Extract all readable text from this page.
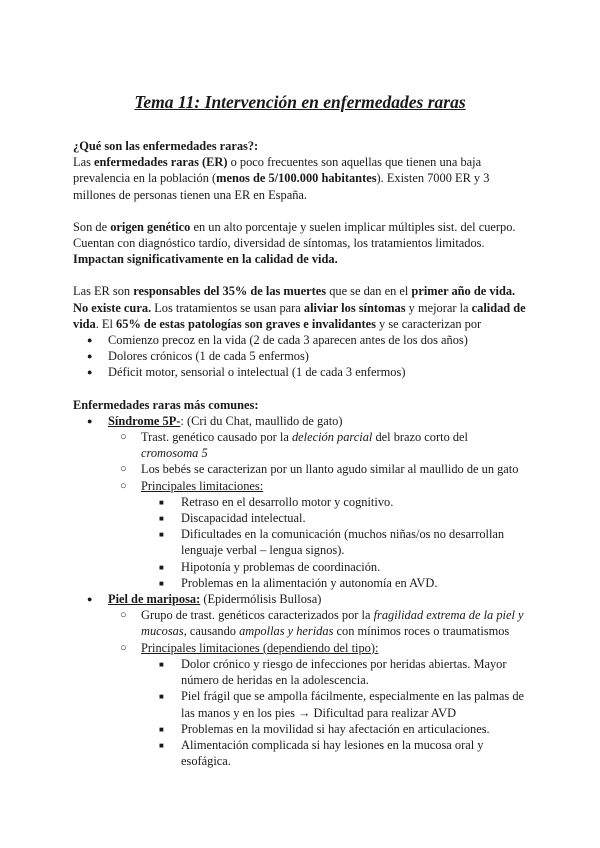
Tema 11: Intervención en enfermedades raras

¿Qué son las enfermedades raras?:

Las enfermedades raras (ER) o poco frecuentes son aquellas que tienen una baja prevalencia en la población (menos de 5/100.000 habitantes). Existen 7000 ER y 3 millones de personas tienen una ER en España.

Son de origen genético en un alto porcentaje y suelen implicar múltiples sist. del cuerpo. Cuentan con diagnóstico tardío, diversidad de síntomas, los tratamientos limitados. Impactan significativamente en la calidad de vida.

Las ER son responsables del 35% de las muertes que se dan en el primer año de vida. No existe cura. Los tratamientos se usan para aliviar los síntomas y mejorar la calidad de vida. El 65% de estas patologías son graves e invalidantes y se caracterizan por

● Comienzo precoz en la vida (2 de cada 3 aparecen antes de los dos años)
● Dolores crónicos (1 de cada 5 enfermos)
● Déficit motor, sensorial o intelectual (1 de cada 3 enfermos)

Enfermedades raras más comunes:

● Síndrome 5P-: (Cri du Chat, maullido de gato)
○ Trast. genético causado por la deleción parcial del brazo corto del cromosoma 5
○ Los bebés se caracterizan por un llanto agudo similar al maullido de un gato
○ Principales limitaciones:
■ Retraso en el desarrollo motor y cognitivo.
■ Discapacidad intelectual.
■ Dificultades en la comunicación (muchos niñas/os no desarrollan lenguaje verbal – lengua signos).
■ Hipotonía y problemas de coordinación.
■ Problemas en la alimentación y autonomía en AVD.
● Piel de mariposa: (Epidermólisis Bullosa)
○ Grupo de trast. genéticos caracterizados por la fragilidad extrema de la piel y mucosas, causando ampollas y heridas con mínimos roces o traumatismos
○ Principales limitaciones (dependiendo del tipo):
■ Dolor crónico y riesgo de infecciones por heridas abiertas. Mayor número de heridas en la adolescencia.
■ Piel frágil que se ampolla fácilmente, especialmente en las palmas de las manos y en los pies → Dificultad para realizar AVD
■ Problemas en la movilidad si hay afectación en articulaciones.
■ Alimentación complicada si hay lesiones en la mucosa oral y esofágica.
